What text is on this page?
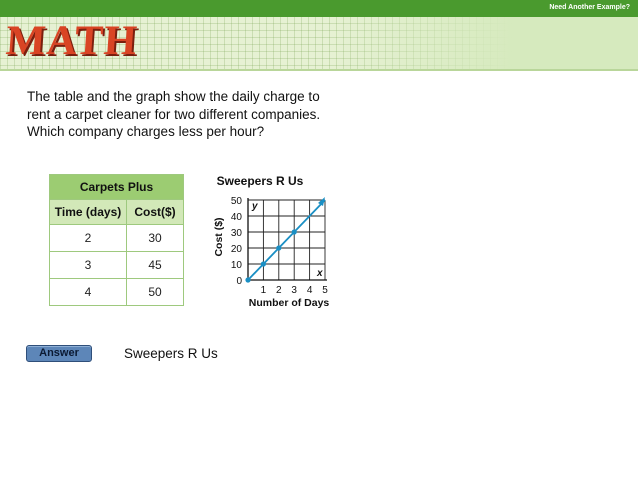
Need Another Example?
MATH
The table and the graph show the daily charge to rent a carpet cleaner for two different companies. Which company charges less per hour?
Carpets Plus	
Time (days)	Cost($)
2	30
3	45
4	50
Sweepers R Us
y
x
0
10
20
30
40
50
1 2 3 4 5
Number of Days
Cost ($)
Answer	Sweepers R Us
